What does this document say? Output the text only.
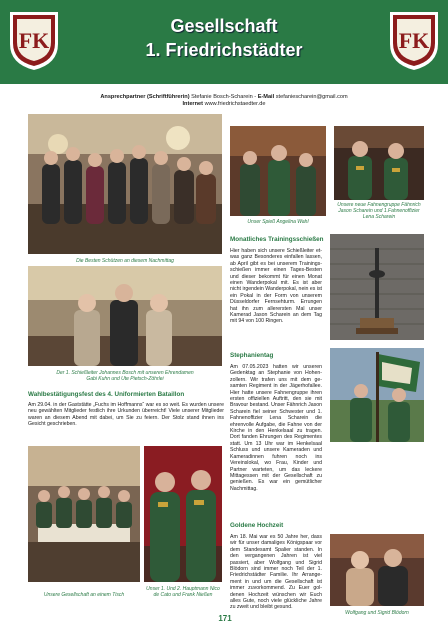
FK
Gesellschaft
1. Friedrichstädter	FK
Ansprechpartner (Schriftführerin) Stefanie Bosch-Scharein - E-Mail stefaniescharein@gmail.com
Internet www.friedrichstaedter.de
Die Besten Schützen an diesem Nachmittag
Unser Spieß Angelina Wahl
Unsere neue Fahnengruppe Fähnrich
Jason Scharein und 1.Fahnenoffizier
Lena Scharein
Monatliches Trainingsschießen
Hier haben sich unsere Schießleiter et-was ganz Besonderes einfallen lassen, ab April gibt es bei unserem Trainings-schießen immer einen Tages-Besten und dieser bekommt für einen Monat einen Wanderpokal mit. Es ist aber nicht irgendein Wanderpokal, nein es ist ein Pokal in der Form von unserem Düsseldorfer Fernsehturm. Errungen hat ihn zum allerersten Mal unser Kamerad Jason Scharein an dem Tag mit 94 von 100 Ringen.
Der 1. Schießleiter Johannes Bosch mit unseren Ehrendamen
Gabi Kuhn und Ute Pietsch-Zöhrlei
Wahlbestätigungsfest des 4. Uniformierten Bataillon
Am 29.04. in der Gaststätte „Fuchs im Hoffmanns“ war es so weit. Es wurden unsere neu gewählten Mitglieder festlich ihre Urkunden überreicht! Viele unserer Mitglieder waren an diesem Abend mit dabei, um Sie zu feiern. Der Stolz stand ihnen ins Gesicht geschrieben.
Stephanientag
Am 07.05.2023 hatten wir unseren Gedenktag an Stephanie von Hohen-zollern. Wir trafen uns mit dem ge-samten Regiment in der Jägerhofallee. Hier hatte unsere Fahnengruppe ihren ersten offiziellen Auftritt, den sie mit Bravour bestand. Unser Fähnrich Jason Scharein fiel seiner Schwester und 1. Fahnenoffizier Lena Scharein die ehrenvolle Aufgabe, die Fahne von der Kirche in den Henkelsaal zu tragen. Dort fanden Ehrungen des Regimentes statt. Um 13 Uhr war im Henkelsaal Schluss und unsere Kameraden und Kameradinnen fuhren noch ins Vereinslokal, wo Frau, Kinder und Partner warteten, um das leckere Mittagessen mit der Gesellschaft zu genießen. Es war ein gemütlicher Nachmittag.
Unsere Gesellschaft an einem Tisch
Unser 1. Und 2. Hauptmann Nico
de Cato und Frank Nießen
Goldene Hochzeit
Am 18. Mai war es 50 Jahre her, dass wir für unser damaliges Königspaar vor dem Standesamt Spalier standen. In den vergangenen Jahren ist viel passiert, aber Wolfgang und Sigrid Blödorn sind immer noch Teil der 1. Friedrichstädter Familie. Ihr Arrange-ment in und um die Gesellschaft ist immer zuvorkommend. Zu Euer gol-denen Hochzeit wünschen wir Euch alles Gute, noch viele glückliche Jahre zu zweit und bleibt gesund.
Wolfgang und Sigrid Blödorn
171
